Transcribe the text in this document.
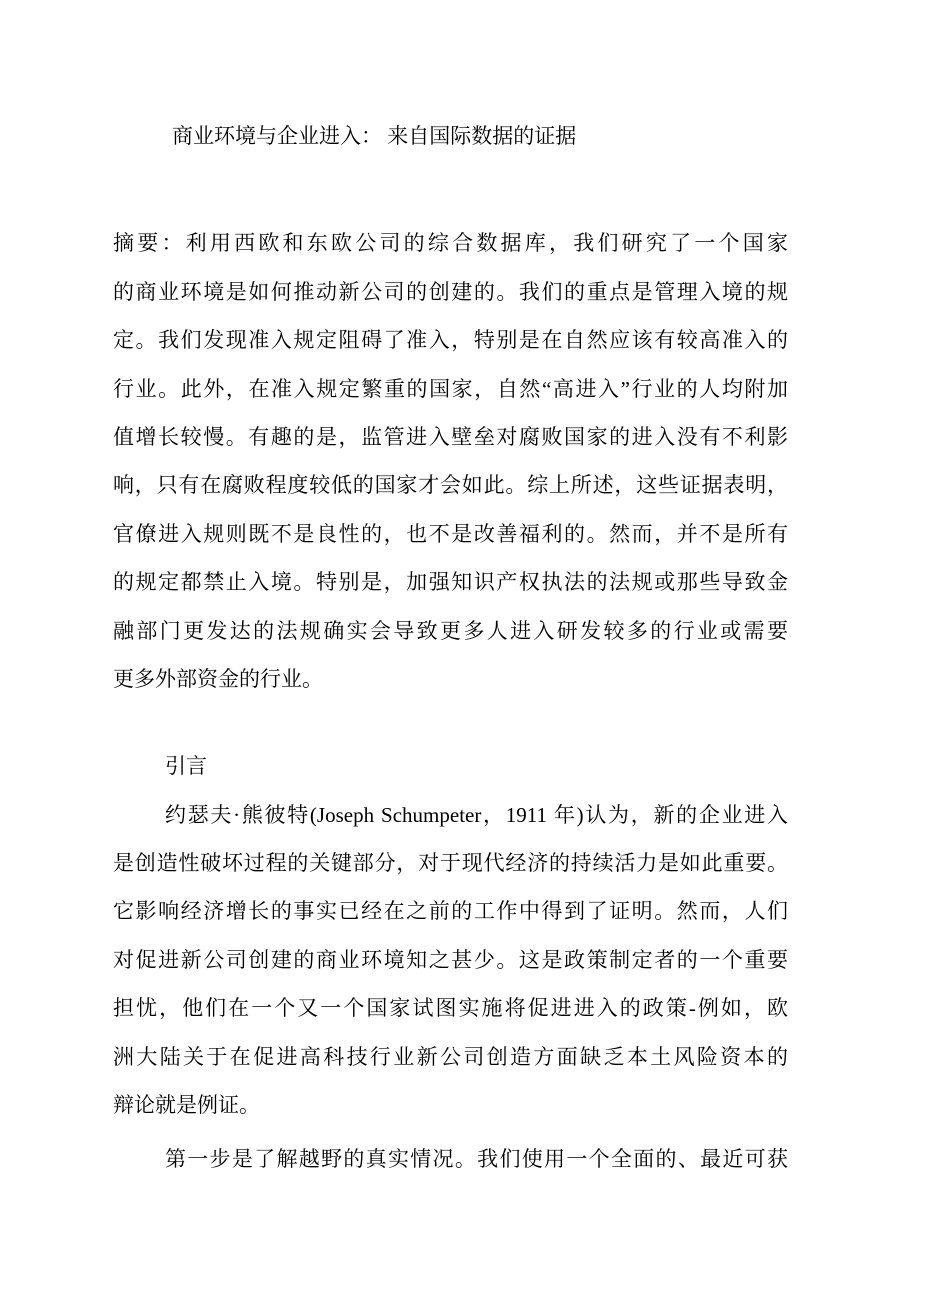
商业环境与企业进入： 来自国际数据的证据
摘要：利用西欧和东欧公司的综合数据库，我们研究了一个国家
的商业环境是如何推动新公司的创建的。我们的重点是管理入境的规
定。我们发现准入规定阻碍了准入，特别是在自然应该有较高准入的
行业。此外，在准入规定繁重的国家，自然“高进入”行业的人均附加
值增长较慢。有趣的是，监管进入壁垒对腐败国家的进入没有不利影
响，只有在腐败程度较低的国家才会如此。综上所述，这些证据表明，
官僚进入规则既不是良性的，也不是改善福利的。然而，并不是所有
的规定都禁止入境。特别是，加强知识产权执法的法规或那些导致金
融部门更发达的法规确实会导致更多人进入研发较多的行业或需要
更多外部资金的行业。
引言
约瑟夫·熊彼特(Joseph Schumpeter，1911 年)认为，新的企业进入
是创造性破坏过程的关键部分，对于现代经济的持续活力是如此重要。
它影响经济增长的事实已经在之前的工作中得到了证明。然而，人们
对促进新公司创建的商业环境知之甚少。这是政策制定者的一个重要
担忧，他们在一个又一个国家试图实施将促进进入的政策-例如，欧
洲大陆关于在促进高科技行业新公司创造方面缺乏本土风险资本的
辩论就是例证。
第一步是了解越野的真实情况。我们使用一个全面的、最近可获
